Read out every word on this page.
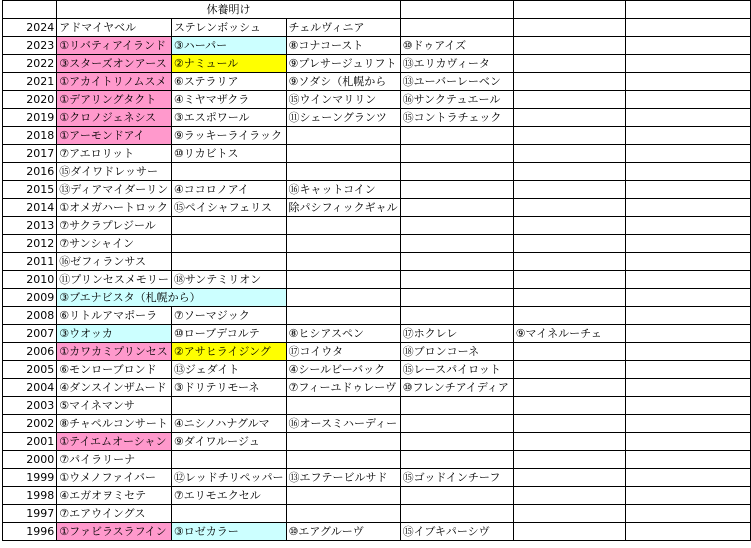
	休養明け					
2024	アドマイヤベル	ステレンボッシュ	チェルヴィニア			
2023	①リバティアイランド	③ハーパー	⑧コナコースト	⑩ドゥアイズ		
2022	③スターズオンアース	②ナミュール	⑨プレサージュリフト	⑬エリカヴィータ		
2021	①アカイトリノムスメ	⑥ステラリア	⑨ソダシ（札幌から	⑬ユーバーレーベン		
2020	①デアリングタクト	④ミヤマザクラ	⑮ウインマリリン	⑯サンクテュエール		
2019	①クロノジェネシス	③エスポワール	⑪シェーングランツ	⑮コントラチェック		
2018	①アーモンドアイ	⑨ラッキーライラック				
2017	⑦アエロリット	⑩リカビトス				
2016	⑮ダイワドレッサー					
2015	⑬ディアマイダーリン	④ココロノアイ	⑯キャットコイン			
2014	①オメガハートロック	⑮ペイシャフェリス	除パシフィックギャル			
2013	⑦サクラプレジール					
2012	⑦サンシャイン					
2011	⑯ゼフィランサス					
2010	⑪プリンセスメモリー	⑱サンテミリオン				
2009	③ブエナビスタ（札幌から）					
2008	⑥リトルアマポーラ	⑦ソーマジック				
2007	③ウオッカ	⑩ローブデコルテ	⑧ヒシアスペン	⑰ホクレレ	⑨マイネルーチェ	
2006	①カワカミプリンセス	②アサヒライジング	⑰コイウタ	⑱ブロンコーネ		
2005	⑥モンローブロンド	⑬ジェダイト	④シールビーバック	⑮レースパイロット		
2004	④ダンスインザムード	③ドリテリモーネ	⑦フィーユドゥレーヴ	⑩フレンチアイディア		
2003	⑤マイネマンサ					
2002	⑧チャペルコンサート	④ニシノハナグルマ	⑯オースミハーディー			
2001	①テイエムオーシャン	⑨ダイワルージュ				
2000	⑦パイラリーナ					
1999	①ウメノファイバー	⑫レッドチリペッパー	⑬エフテービルサド	⑮ゴッドインチーフ		
1998	④エガオヲミセテ	⑦エリモエクセル				
1997	⑦エアウイングス					
1996	①ファビラスラフイン	③ロゼカラー	⑩エアグルーヴ	⑮イブキパーシヴ		
